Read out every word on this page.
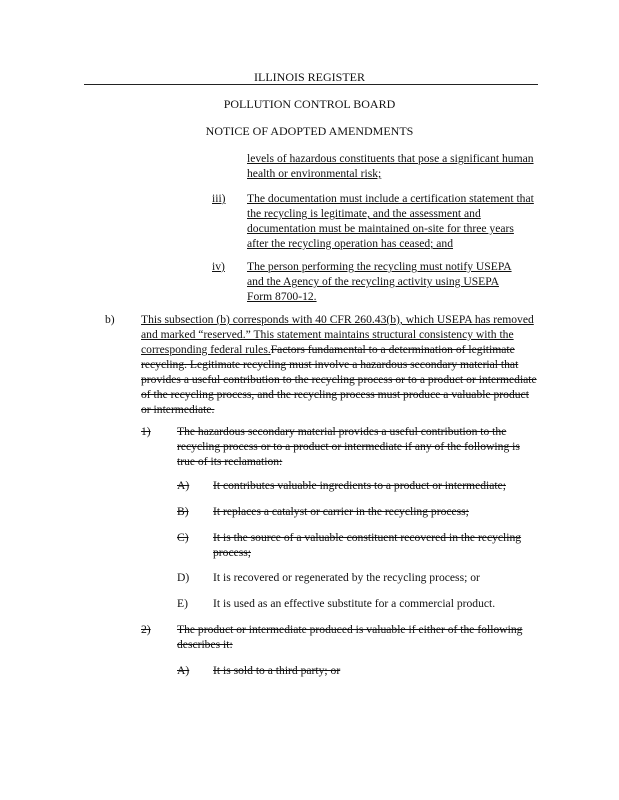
ILLINOIS REGISTER
POLLUTION CONTROL BOARD
NOTICE OF ADOPTED AMENDMENTS

levels of hazardous constituents that pose a significant human health or environmental risk;

iii) The documentation must include a certification statement that the recycling is legitimate, and the assessment and documentation must be maintained on-site for three years after the recycling operation has ceased; and

iv) The person performing the recycling must notify USEPA and the Agency of the recycling activity using USEPA Form 8700-12.

b) This subsection (b) corresponds with 40 CFR 260.43(b), which USEPA has removed and marked “reserved.” This statement maintains structural consistency with the corresponding federal rules.Factors fundamental to a determination of legitimate recycling. Legitimate recycling must involve a hazardous secondary material that provides a useful contribution to the recycling process or to a product or intermediate of the recycling process, and the recycling process must produce a valuable product or intermediate.

1) The hazardous secondary material provides a useful contribution to the recycling process or to a product or intermediate if any of the following is true of its reclamation:

A) It contributes valuable ingredients to a product or intermediate;

B) It replaces a catalyst or carrier in the recycling process;

C) It is the source of a valuable constituent recovered in the recycling process;

D) It is recovered or regenerated by the recycling process; or

E) It is used as an effective substitute for a commercial product.

2) The product or intermediate produced is valuable if either of the following describes it:

A) It is sold to a third party; or
